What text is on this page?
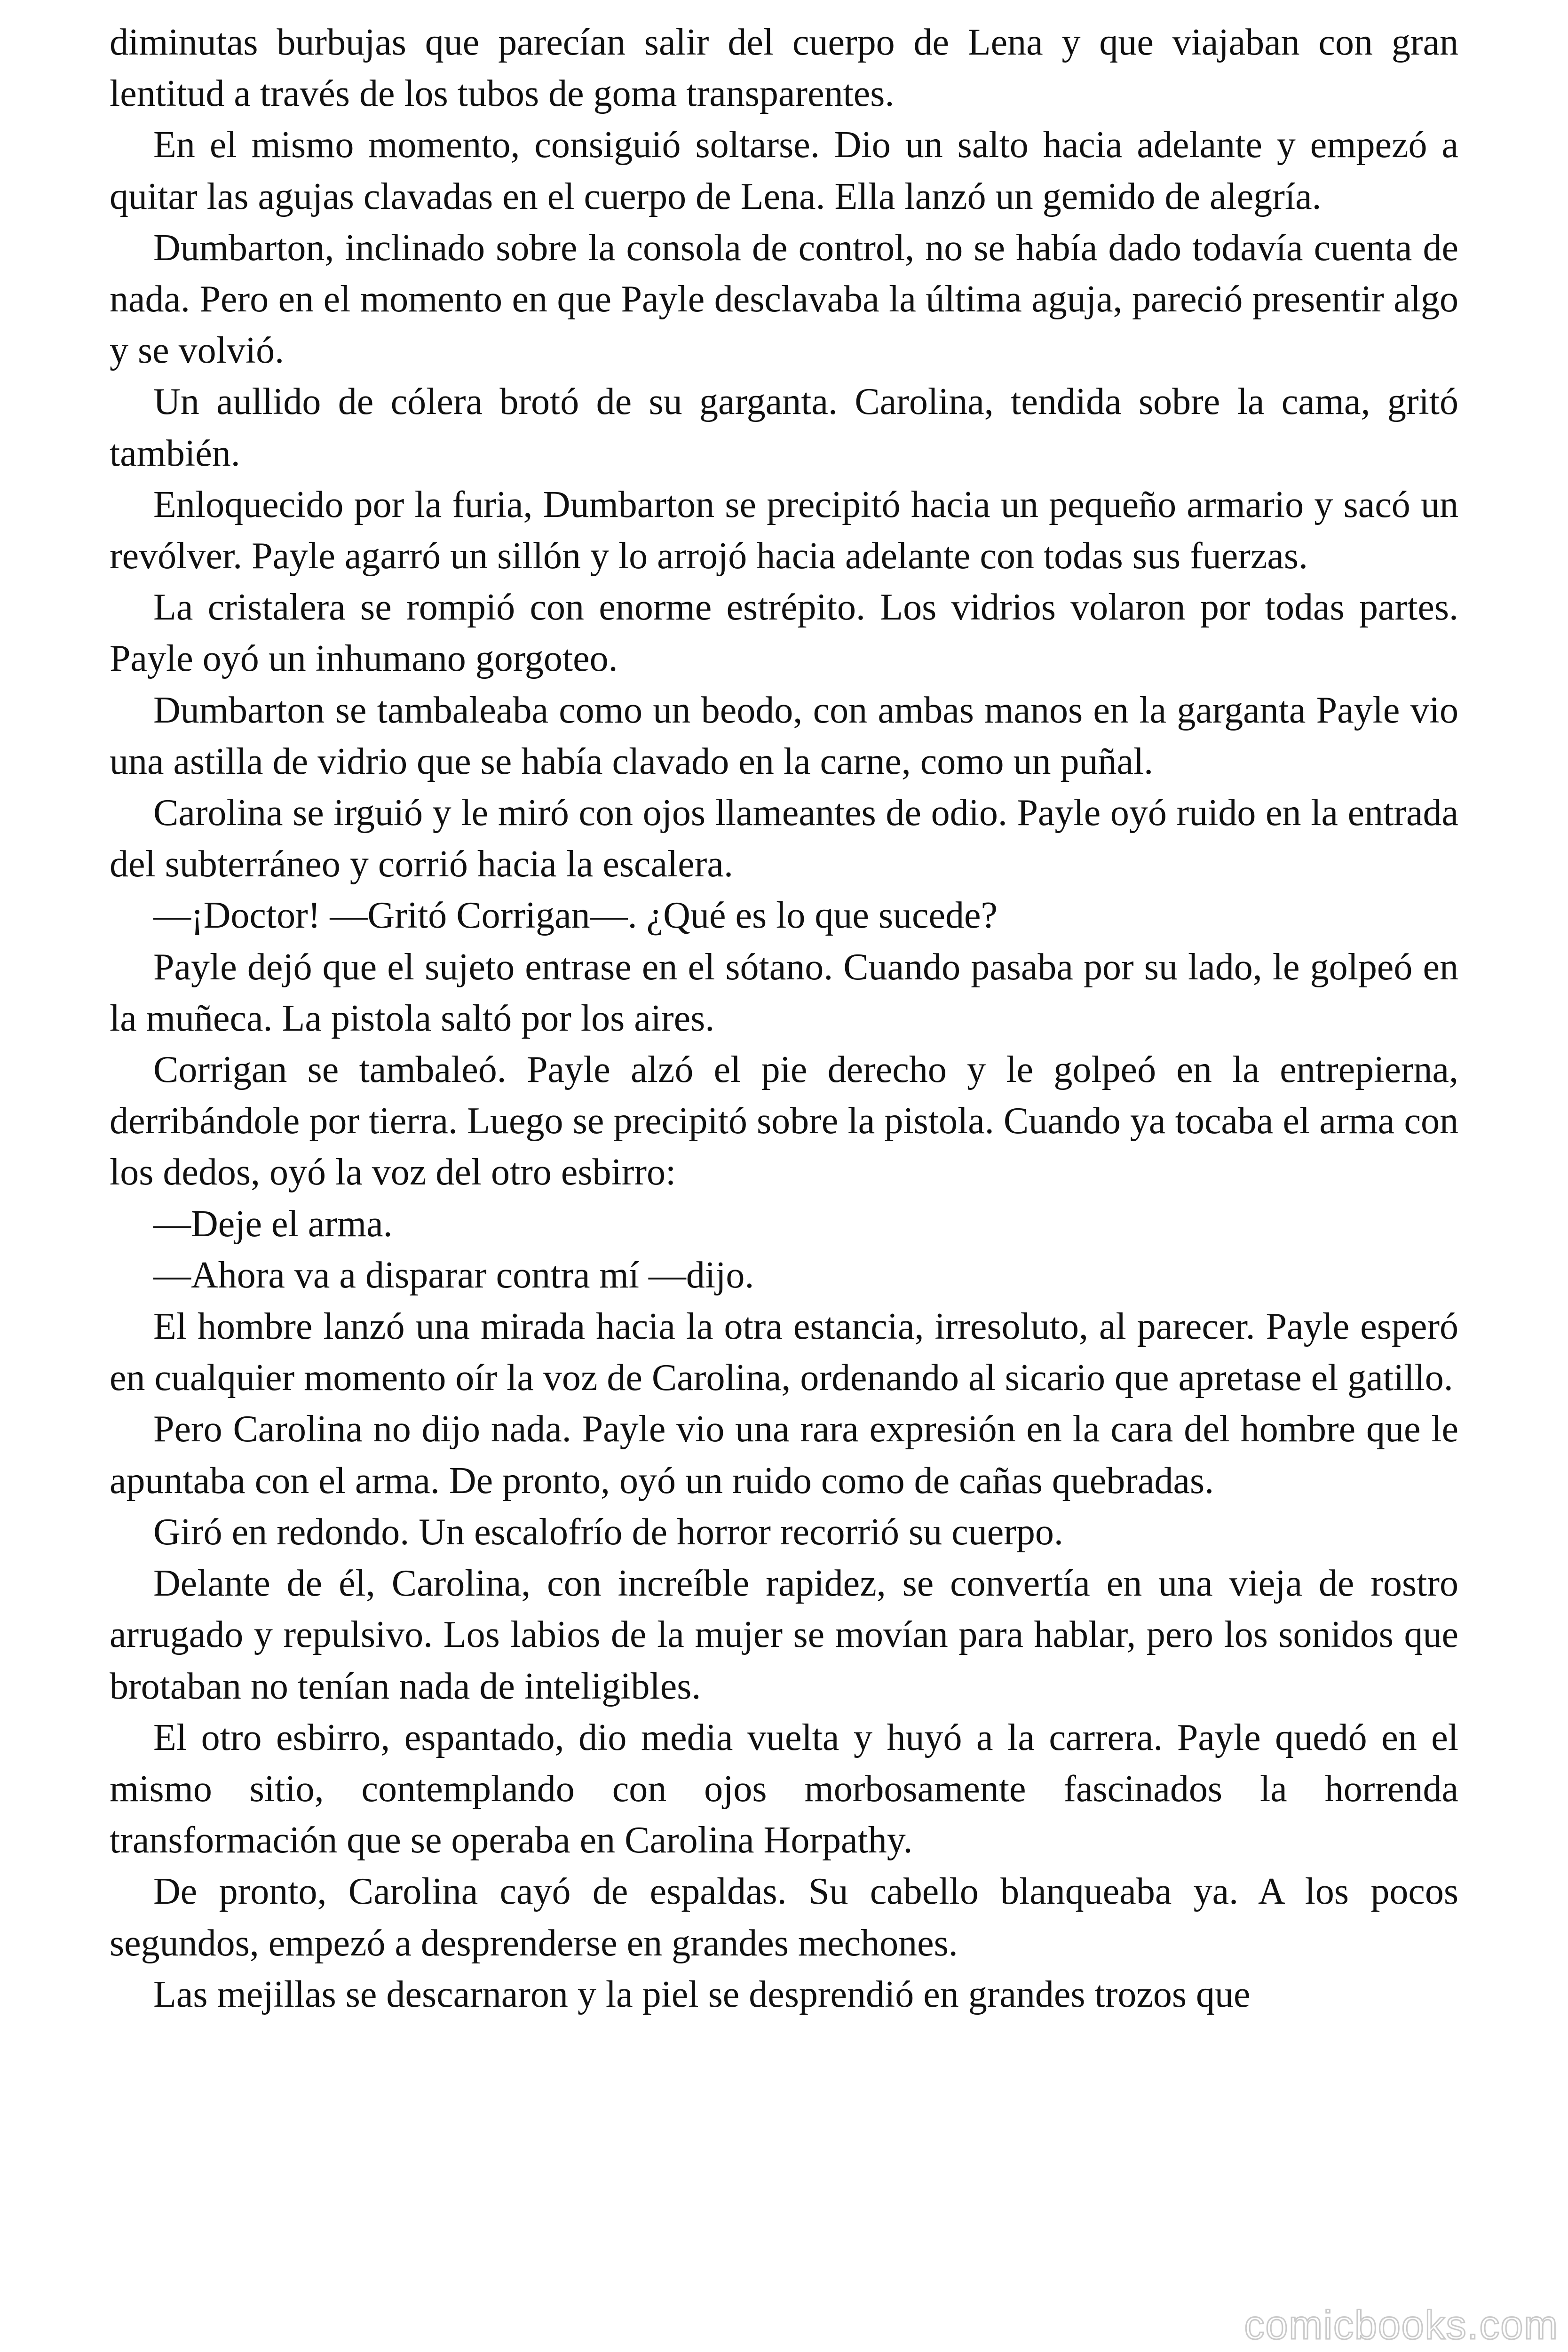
diminutas burbujas que parecían salir del cuerpo de Lena y que viajaban con gran lentitud a través de los tubos de goma transparentes.

En el mismo momento, consiguió soltarse. Dio un salto hacia adelante y empezó a quitar las agujas clavadas en el cuerpo de Lena. Ella lanzó un gemido de alegría.

Dumbarton, inclinado sobre la consola de control, no se había dado todavía cuenta de nada. Pero en el momento en que Payle desclavaba la última aguja, pareció presentir algo y se volvió.

Un aullido de cólera brotó de su garganta. Carolina, tendida sobre la cama, gritó también.

Enloquecido por la furia, Dumbarton se precipitó hacia un pequeño armario y sacó un revólver. Payle agarró un sillón y lo arrojó hacia adelante con todas sus fuerzas.

La cristalera se rompió con enorme estrépito. Los vidrios volaron por todas partes. Payle oyó un inhumano gorgoteo.

Dumbarton se tambaleaba como un beodo, con ambas manos en la garganta Payle vio una astilla de vidrio que se había clavado en la carne, como un puñal.

Carolina se irguió y le miró con ojos llameantes de odio. Payle oyó ruido en la entrada del subterráneo y corrió hacia la escalera.

—¡Doctor! —Gritó Corrigan—. ¿Qué es lo que sucede?

Payle dejó que el sujeto entrase en el sótano. Cuando pasaba por su lado, le golpeó en la muñeca. La pistola saltó por los aires.

Corrigan se tambaleó. Payle alzó el pie derecho y le golpeó en la entrepierna, derribándole por tierra. Luego se precipitó sobre la pistola. Cuando ya tocaba el arma con los dedos, oyó la voz del otro esbirro:

—Deje el arma.

—Ahora va a disparar contra mí —dijo.

El hombre lanzó una mirada hacia la otra estancia, irresoluto, al parecer. Payle esperó en cualquier momento oír la voz de Carolina, ordenando al sicario que apretase el gatillo.

Pero Carolina no dijo nada. Payle vio una rara expresión en la cara del hombre que le apuntaba con el arma. De pronto, oyó un ruido como de cañas quebradas.

Giró en redondo. Un escalofrío de horror recorrió su cuerpo.

Delante de él, Carolina, con increíble rapidez, se convertía en una vieja de rostro arrugado y repulsivo. Los labios de la mujer se movían para hablar, pero los sonidos que brotaban no tenían nada de inteligibles.

El otro esbirro, espantado, dio media vuelta y huyó a la carrera. Payle quedó en el mismo sitio, contemplando con ojos morbosamente fascinados la horrenda transformación que se operaba en Carolina Horpathy.

De pronto, Carolina cayó de espaldas. Su cabello blanqueaba ya. A los pocos segundos, empezó a desprenderse en grandes mechones.

Las mejillas se descarnaron y la piel se desprendió en grandes trozos que

comicbooks.com
